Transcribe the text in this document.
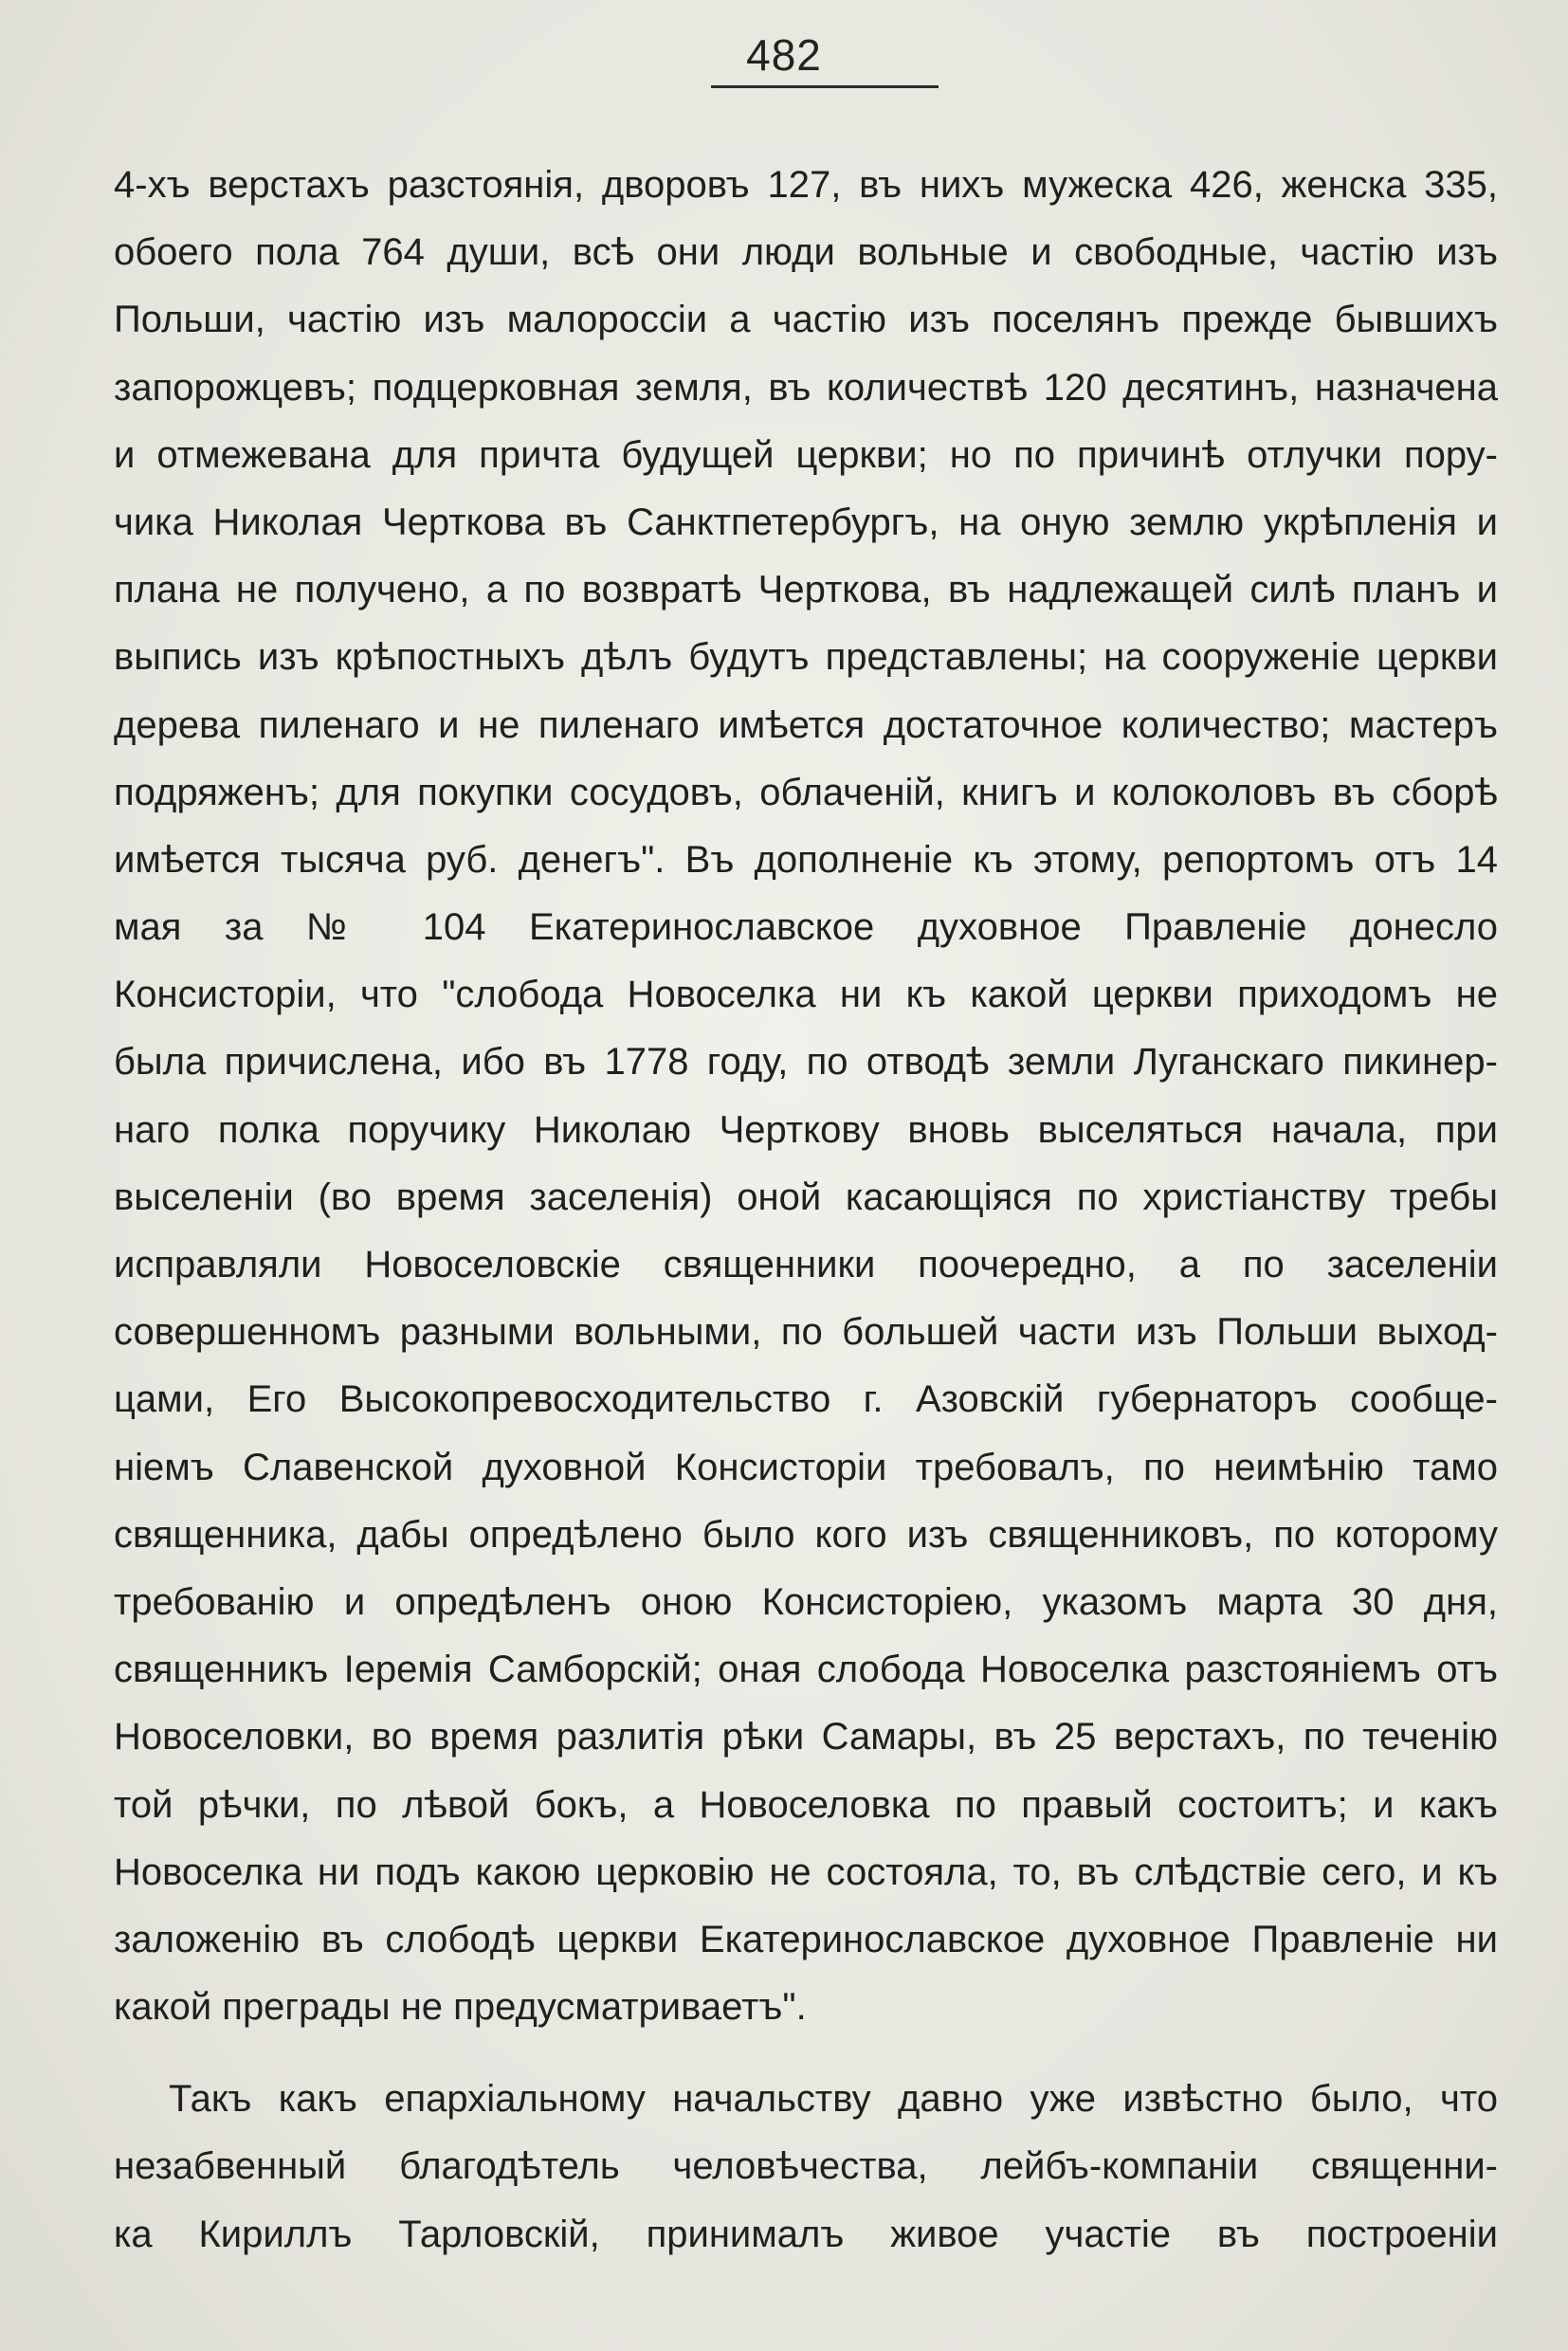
482
4-хъ верстахъ разстоянія, дворовъ 127, въ нихъ мужеска 426, женска 335,
обоего пола 764 души, всѣ они люди вольные и свободные, частію изъ
Польши, частію изъ малороссіи а частію изъ поселянъ прежде бывшихъ
запорожцевъ; подцерковная земля, въ количествѣ 120 десятинъ, назначена
и отмежевана для причта будущей церкви; но по причинѣ отлучки пору-
чика Николая Черткова въ Санктпетербургъ, на оную землю укрѣпленія и
плана не получено, а по возвратѣ Черткова, въ надлежащей силѣ планъ и
выпись изъ крѣпостныхъ дѣлъ будутъ представлены; на сооруженіе церкви
дерева пиленаго и не пиленаго имѣется достаточное количество; мастеръ
подряженъ; для покупки сосудовъ, облаченій, книгъ и колоколовъ въ сборѣ
имѣется тысяча руб. денегъ". Въ дополненіе къ этому, репортомъ отъ 14
мая за № 104 Екатеринославское духовное Правленіе донесло
Консисторіи, что "слобода Новоселка ни къ какой церкви приходомъ не
была причислена, ибо въ 1778 году, по отводѣ земли Луганскаго пикинер-
наго полка поручику Николаю Черткову вновь выселяться начала, при
выселеніи (во время заселенія) оной касающіяся по христіанству требы
исправляли Новоселовскіе священники поочередно, а по заселеніи
совершенномъ разными вольными, по большей части изъ Польши выход-
цами, Его Высокопревосходительство г. Азовскій губернаторъ сообще-
ніемъ Славенской духовной Консисторіи требовалъ, по неимѣнію тамо
священника, дабы опредѣлено было кого изъ священниковъ, по которому
требованію и опредѣленъ оною Консисторіею, указомъ марта 30 дня,
священникъ Іеремія Самборскій; оная слобода Новоселка разстояніемъ отъ
Новоселовки, во время разлитія рѣки Самары, въ 25 верстахъ, по теченію
той рѣчки, по лѣвой бокъ, а Новоселовка по правый состоитъ; и какъ
Новоселка ни подъ какою церковію не состояла, то, въ слѣдствіе сего, и къ
заложенію въ слободѣ церкви Екатеринославское духовное Правленіе ни
какой преграды не предусматриваетъ".
Такъ какъ епархіальному начальству давно уже извѣстно было, что
незабвенный благодѣтель человѣчества, лейбъ-компаніи священни-
ка Кириллъ Тарловскій, принималъ живое участіе въ построеніи
